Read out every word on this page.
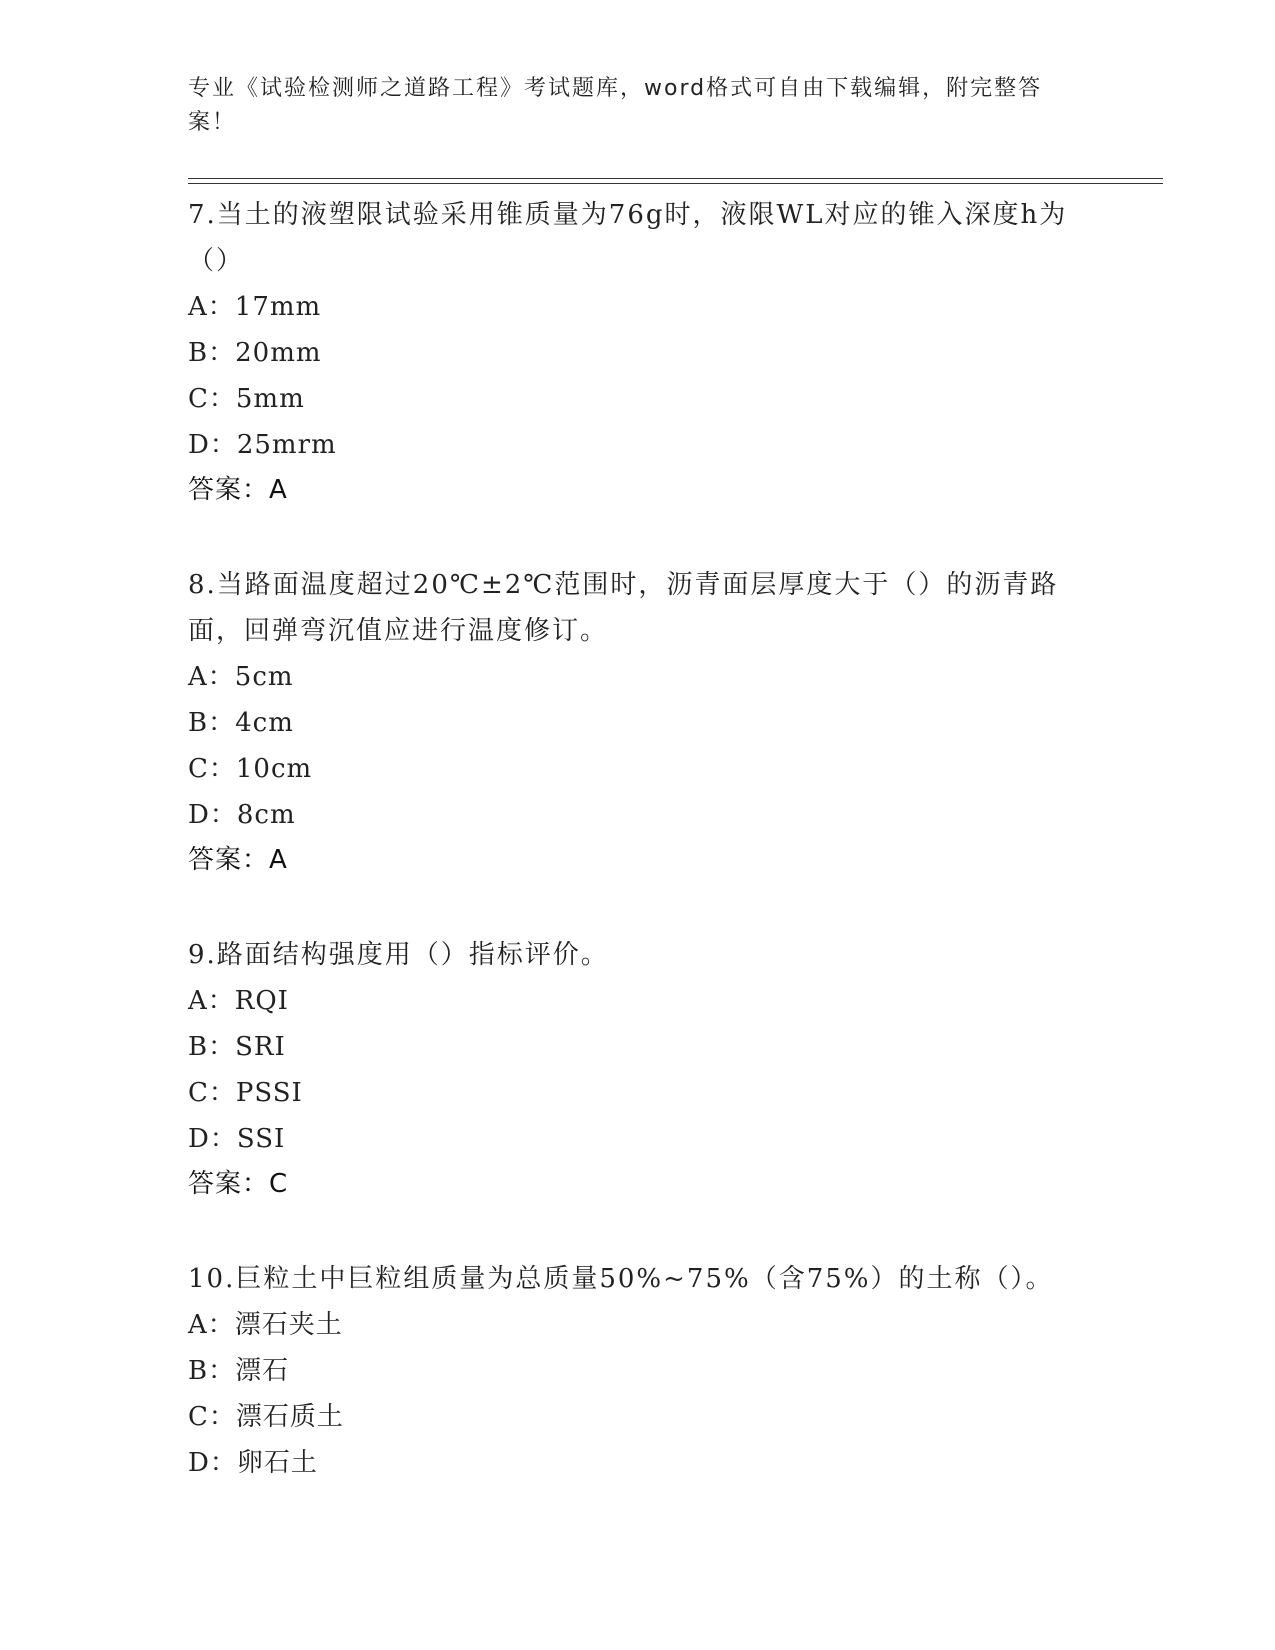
专业《试验检测师之道路工程》考试题库，word格式可自由下载编辑，附完整答案！

7.当土的液塑限试验采用锥质量为76g时，液限WL对应的锥入深度h为（）

A：17mm

B：20mm

C：5mm

D：25mrm

答案：A

8.当路面温度超过20℃±2℃范围时，沥青面层厚度大于（）的沥青路面，回弹弯沉值应进行温度修订。

A：5cm

B：4cm

C：10cm

D：8cm

答案：A

9.路面结构强度用（）指标评价。

A：RQI

B：SRI

C：PSSI

D：SSI

答案：C

10.巨粒土中巨粒组质量为总质量50%~75%（含75%）的土称（）。

A：漂石夹土

B：漂石

C：漂石质土

D：卵石土
